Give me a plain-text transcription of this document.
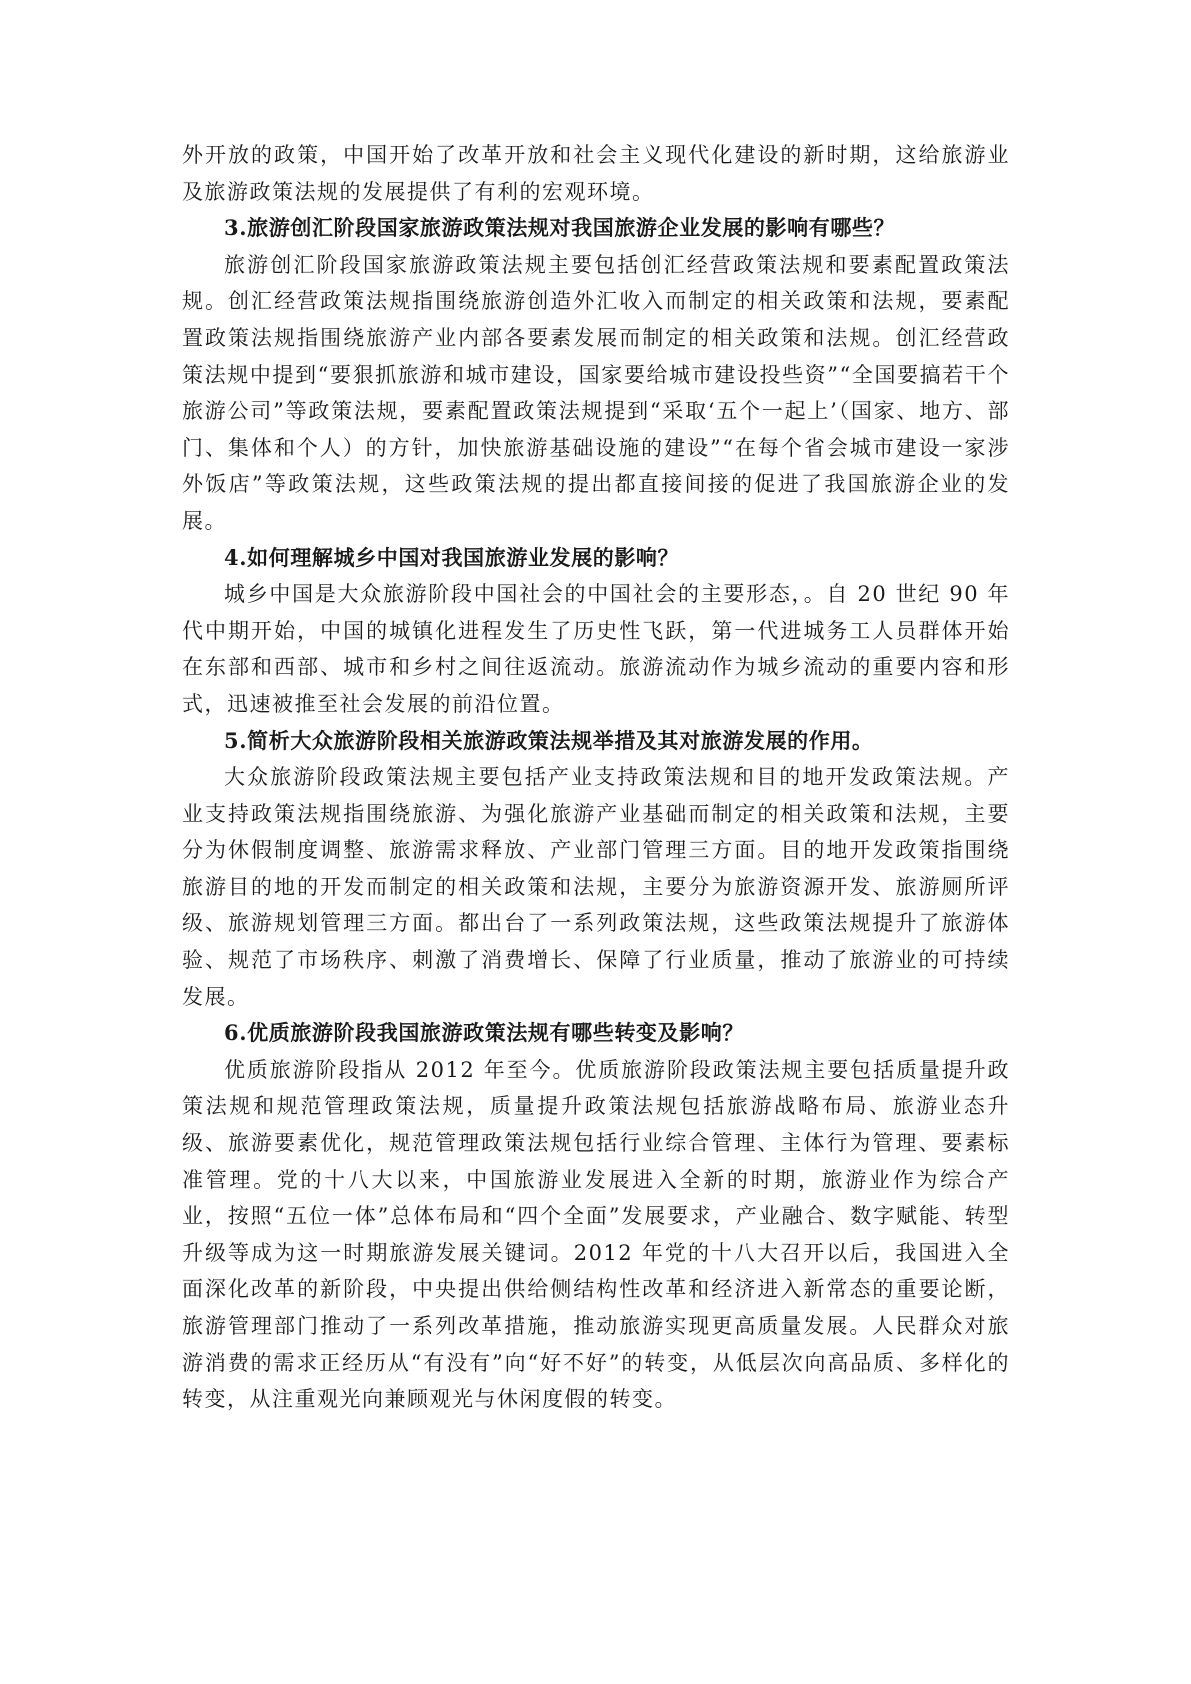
外开放的政策，中国开始了改革开放和社会主义现代化建设的新时期，这给旅游业及旅游政策法规的发展提供了有利的宏观环境。

3.旅游创汇阶段国家旅游政策法规对我国旅游企业发展的影响有哪些？

旅游创汇阶段国家旅游政策法规主要包括创汇经营政策法规和要素配置政策法规。创汇经营政策法规指围绕旅游创造外汇收入而制定的相关政策和法规，要素配置政策法规指围绕旅游产业内部各要素发展而制定的相关政策和法规。创汇经营政策法规中提到“要狠抓旅游和城市建设，国家要给城市建设投些资”“全国要搞若干个旅游公司”等政策法规，要素配置政策法规提到“采取‘五个一起上’（国家、地方、部门、集体和个人）的方针，加快旅游基础设施的建设”“在每个省会城市建设一家涉外饭店”等政策法规，这些政策法规的提出都直接间接的促进了我国旅游企业的发展。

4.如何理解城乡中国对我国旅游业发展的影响？

城乡中国是大众旅游阶段中国社会的中国社会的主要形态，。自 20 世纪 90 年代中期开始，中国的城镇化进程发生了历史性飞跃，第一代进城务工人员群体开始在东部和西部、城市和乡村之间往返流动。旅游流动作为城乡流动的重要内容和形式，迅速被推至社会发展的前沿位置。

5.简析大众旅游阶段相关旅游政策法规举措及其对旅游发展的作用。

大众旅游阶段政策法规主要包括产业支持政策法规和目的地开发政策法规。产业支持政策法规指围绕旅游、为强化旅游产业基础而制定的相关政策和法规，主要分为休假制度调整、旅游需求释放、产业部门管理三方面。目的地开发政策指围绕旅游目的地的开发而制定的相关政策和法规，主要分为旅游资源开发、旅游厕所评级、旅游规划管理三方面。都出台了一系列政策法规，这些政策法规提升了旅游体验、规范了市场秩序、刺激了消费增长、保障了行业质量，推动了旅游业的可持续发展。

6.优质旅游阶段我国旅游政策法规有哪些转变及影响？

优质旅游阶段指从 2012 年至今。优质旅游阶段政策法规主要包括质量提升政策法规和规范管理政策法规，质量提升政策法规包括旅游战略布局、旅游业态升级、旅游要素优化，规范管理政策法规包括行业综合管理、主体行为管理、要素标准管理。党的十八大以来，中国旅游业发展进入全新的时期，旅游业作为综合产业，按照“五位一体”总体布局和“四个全面”发展要求，产业融合、数字赋能、转型升级等成为这一时期旅游发展关键词。2012 年党的十八大召开以后，我国进入全面深化改革的新阶段，中央提出供给侧结构性改革和经济进入新常态的重要论断，旅游管理部门推动了一系列改革措施，推动旅游实现更高质量发展。人民群众对旅游消费的需求正经历从“有没有”向“好不好”的转变，从低层次向高品质、多样化的转变，从注重观光向兼顾观光与休闲度假的转变。
